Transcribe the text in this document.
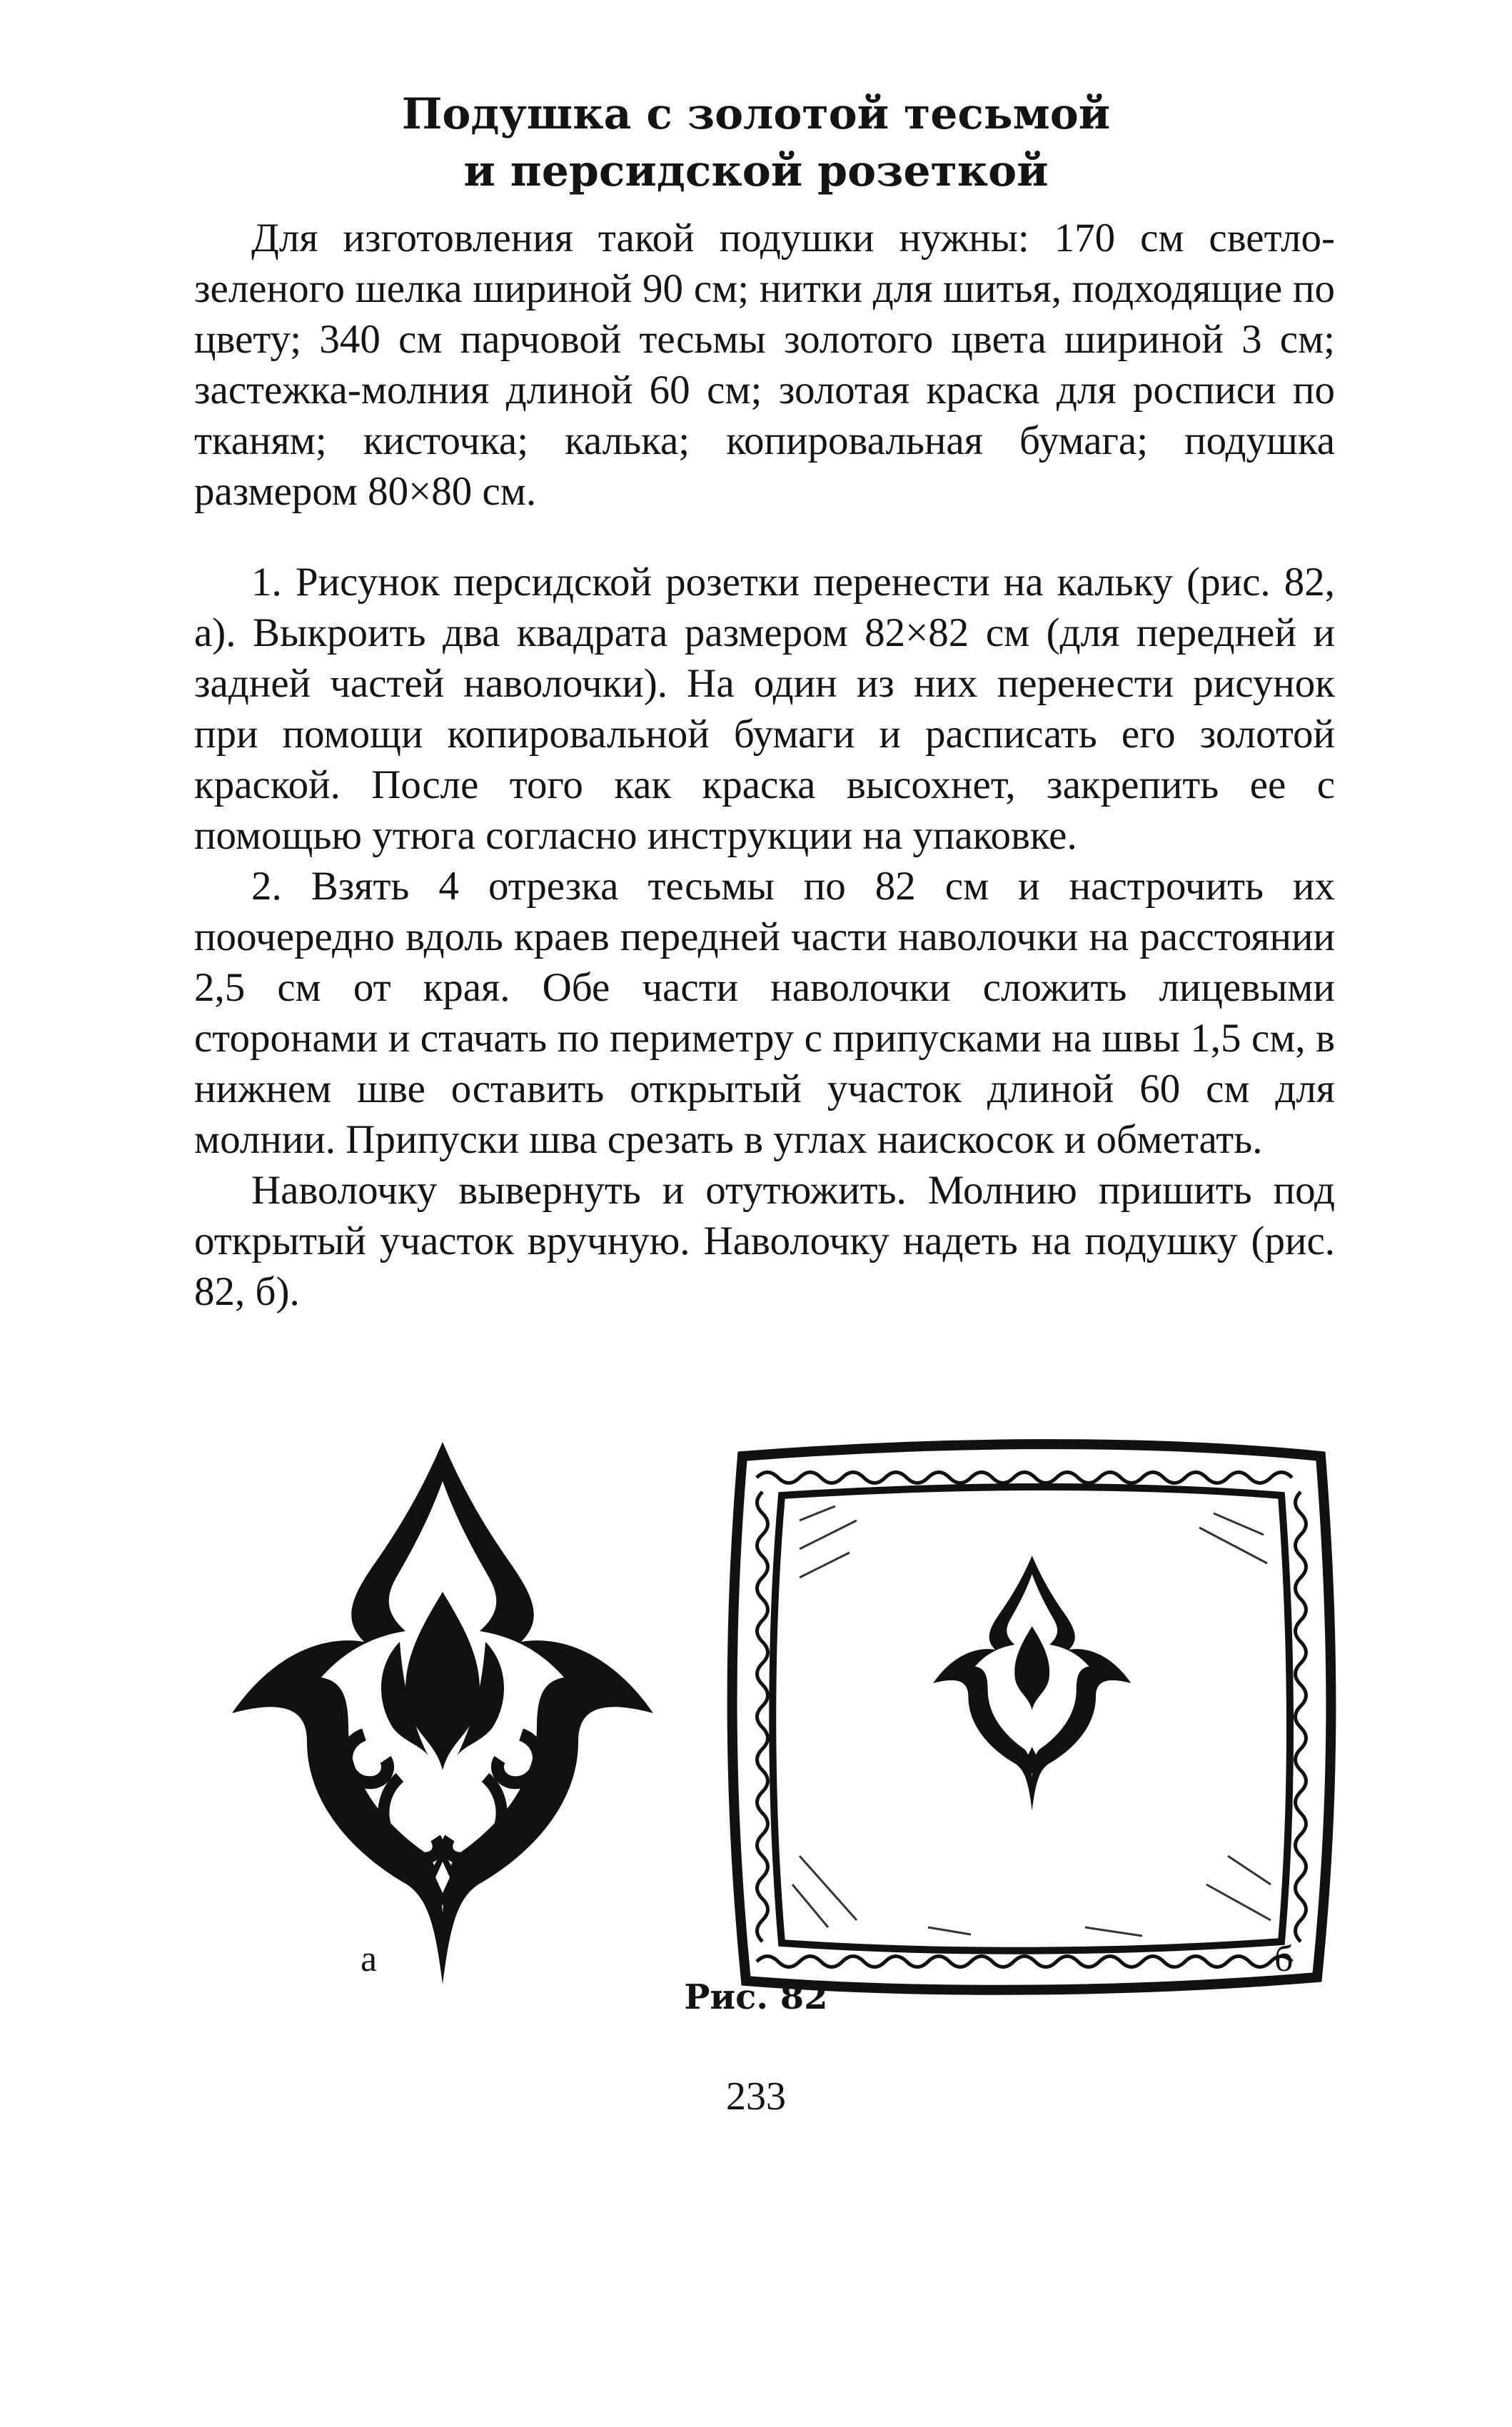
Подушка с золотой тесьмой
и персидской розеткой

Для изготовления такой подушки нужны: 170 см светло-зеленого шелка шириной 90 см; нитки для шитья, подходящие по цвету; 340 см парчовой тесьмы золотого цвета шириной 3 см; застежка-молния длиной 60 см; золотая краска для росписи по тканям; кисточка; калька; копировальная бумага; подушка размером 80×80 см.

1. Рисунок персидской розетки перенести на кальку (рис. 82, а). Выкроить два квадрата размером 82×82 см (для передней и задней частей наволочки). На один из них перенести рисунок при помощи копировальной бумаги и расписать его золотой краской. После того как краска высохнет, закрепить ее с помощью утюга согласно инструкции на упаковке.

2. Взять 4 отрезка тесьмы по 82 см и настрочить их поочередно вдоль краев передней части наволочки на расстоянии 2,5 см от края. Обе части наволочки сложить лицевыми сторонами и стачать по периметру с припусками на швы 1,5 см, в нижнем шве оставить открытый участок длиной 60 см для молнии. Припуски шва срезать в углах наискосок и обметать.

Наволочку вывернуть и отутюжить. Молнию пришить под открытый участок вручную. Наволочку надеть на подушку (рис. 82, б).

а	б
Рис. 82
233
